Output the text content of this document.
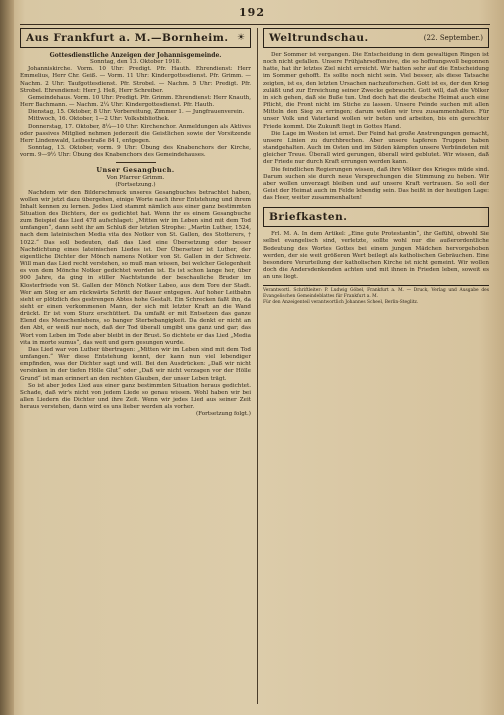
192
Aus Frankfurt a. M.—Bornheim. ☀

Gottesdienstliche Anzeigen der Johannisgemeinde.

Sonntag, den 13. Oktober 1918.

Johanniskirche. Vorm. 10 Uhr: Predigt. Pfr. Hauth. Ehrendienst: Herr Emmelius, Herr Chr. Geiß. — Vorm. 11 Uhr: Kindergottesdienst. Pfr. Grimm. — Nachm. 2 Uhr: Taufgottesdienst. Pfr. Strobel. — Nachm. 5 Uhr: Predigt. Pfr. Strobel. Ehrendienst: Herr J. Heß, Herr Schreiber.

Gemeindehaus. Vorm. 10 Uhr: Predigt. Pfr. Grimm. Ehrendienst: Herr Knauth, Herr Bachmann. — Nachm. 2¼ Uhr: Kindergottesdienst. Pfr. Hauth.

Dienstag, 15. Oktober, 8 Uhr: Vorbereitung, Zimmer 1. — Jungfrauenverein.

Mittwoch, 16. Oktober, 1—2 Uhr: Volksbibliothek.

Donnerstag, 17. Oktober, 8¼—10 Uhr: Kirchenchor. Anmeldungen als Aktives oder passives Mitglied nehmen jederzeit die Geistlichen sowie der Vorsitzende Herr Lindenwald, Leibestraße 84 I, entgegen.

Sonntag, 13. Oktober, vorm. 9 Uhr: Übung des Knabenchors der Kirche, vorm. 9—9½ Uhr: Übung des Knabenchors des Gemeindehauses.

Unser Gesangbuch.
Von Pfarrer Grimm.

(Fortsetzung.)

Nachdem wir den Bilderschmuck unseres Gesangbuches betrachtet haben, wollen wir jetzt dazu übergehen, einige Worte nach ihrer Entstehung und ihrem Inhalt kennen zu lernen. Jedes Lied stammt nämlich aus einer ganz bestimmten Situation des Dichters, der es gedichtet hat. Wenn ihr es einem Gesangbuche zum Beispiel das Lied 478 aufschlaget: „Mitten wir im Leben sind mit dem Tod umfangen“, dann seht ihr am Schluß der letzten Strophe: „Martin Luther, 1524, nach dem lateinischen Media vita des Notker von St. Gallen, des Stotterers, † 1022.“ Das soll bedeuten, daß das Lied eine Übersetzung oder besser Nachdichtung eines lateinischen Liedes ist. Der Übersetzer ist Luther, der eigentliche Dichter der Mönch namens Notker von St. Gallen in der Schweiz. Will man das Lied recht verstehen, so muß man wissen, bei welcher Gelegenheit es von dem Mönche Notker gedichtet worden ist. Es ist schon lange her, über 900 Jahre, da ging in stiller Nachtstunde der beschauliche Bruder im Klosterfriede von St. Gallen der Mönch Notker Labeo, aus dem Tore der Stadt. Wer am Steg er am rückwärts Schritt der Bauer entgegen. Auf hoher Leitbahn sieht er plötzlich des gestrengen Abtes hohe Gestalt. Ein Schrecken faßt ihn, da sieht er einen verkommenen Mann, der sich mit letzter Kraft an die Wand drückt. Er ist vom Sturz erschüttert. Da umfaßt er mit Entsetzen das ganze Elend des Menschenlebens, so banger Sterbebangigkeit. Da denkt er nicht an den Abt, er weiß nur noch, daß der Tod überall umgibt uns ganz und gar; das Wort vom Leben im Tode aber bleibt in der Brust. So dichtete er das Lied „Media vita in morte sumus“, das weit und gern gesungen wurde.

Das Lied war von Luther übertragen: „Mitten wir im Leben sind mit dem Tod umfangen.“ Wer diese Entstehung kennt, der kann nun viel lebendiger empfinden, was der Dichter sagt und will. Bei den Ausdrücken: „Daß wir nicht versinken in der tiefen Hölle Glut“ oder „Daß wir nicht verzagen vor der Hölle Grund“ ist man erinnert an den rechten Glauben, der unser Leben trägt.

So ist aber jedes Lied aus einer ganz bestimmten Situation heraus gedichtet. Schade, daß wir's nicht von jedem Liede so genau wissen. Wohl haben wir bei allen Liedern die Dichter und ihre Zeit. Wenn wir jedes Lied aus seiner Zeit heraus verstehen, dann wird es uns lieber werden als vorher.

(Fortsetzung folgt.)

Weltrundschau.	(22. September.)

Der Sommer ist vergangen. Die Entscheidung in dem gewaltigen Ringen ist noch nicht gefallen. Unsere Frühjahrsoffensive, die so hoffnungsvoll begonnen hatte, hat ihr letztes Ziel nicht erreicht. Wir hatten sehr auf die Entscheidung im Sommer gehofft. Es sollte noch nicht sein. Viel besser, als diese Tatsache zeigten, ist es, den letzten Ursachen nachzuforschen. Gott ist es, der den Krieg zuläßt und zur Erreichung seiner Zwecke gebraucht. Gott will, daß die Völker in sich gehen, daß sie Buße tun. Und doch hat die deutsche Heimat auch eine Pflicht, die Front nicht im Stiche zu lassen. Unsere Feinde suchen mit allen Mitteln den Sieg zu erringen; darum wollen wir treu zusammenhalten. Für unser Volk und Vaterland wollen wir beten und arbeiten, bis ein gerechter Friede kommt. Die Zukunft liegt in Gottes Hand.

Die Lage im Westen ist ernst. Der Feind hat große Anstrengungen gemacht, unsere Linien zu durchbrechen. Aber unsere tapferen Truppen haben standgehalten. Auch im Osten und im Süden kämpfen unsere Verbündeten mit gleicher Treue. Überall wird gerungen, überall wird geblutet. Wir wissen, daß der Friede nur durch Kraft errungen werden kann.

Die feindlichen Regierungen wissen, daß ihre Völker des Krieges müde sind. Darum suchen sie durch neue Versprechungen die Stimmung zu heben. Wir aber wollen unverzagt bleiben und auf unsere Kraft vertrauen. So soll der Geist der Heimat auch im Felde lebendig sein. Das heißt in der heutigen Lage: das Heer, weiter zusammenhalten!

Briefkasten.

Frl. M. A. In dem Artikel: „Eine gute Protestantin“, ihr Gefühl, obwohl Sie selbst evangelisch sind, verletzte, sollte wohl nur die außerordentliche Bedeutung des Wortes Gottes bei einem jungen Mädchen hervorgehoben werden, der sie weit größeren Wert beilegt als katholischen Gebräuchen. Eine besondere Verurteilung der katholischen Kirche ist nicht gemeint. Wir wollen doch die Andersdenkenden achten und mit ihnen in Frieden leben, soweit es an uns liegt.

Verantwortl. Schriftleiter: P. Ludwig Göbel, Frankfurt a. M. — Druck, Verlag und Ausgabe des Evangelischen Gemeindeblattes für Frankfurt a. M.

Für den Anzeigenteil verantwortlich Johannes Scheel, Berlin-Steglitz.
